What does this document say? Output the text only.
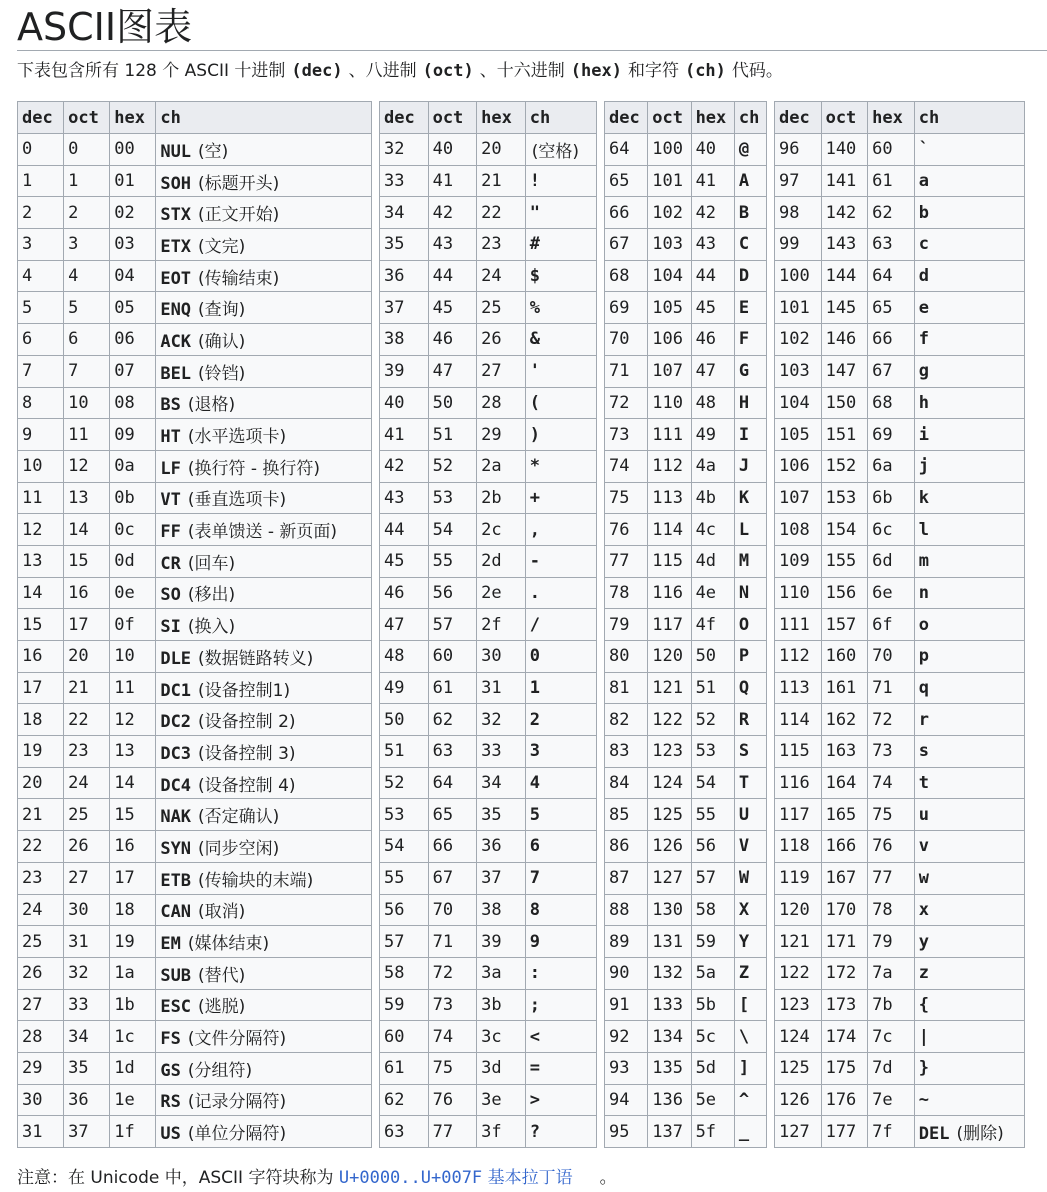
ASCII图表

下表包含所有 128 个 ASCII 十进制 (dec) 、八进制 (oct) 、十六进制 (hex) 和字符 (ch) 代码。

dec	oct	hex	ch
0	0	00	NUL (空)
1	1	01	SOH (标题开头)
2	2	02	STX (正文开始)
3	3	03	ETX (文完)
4	4	04	EOT (传输结束)
5	5	05	ENQ (查询)
6	6	06	ACK (确认)
7	7	07	BEL (铃铛)
8	10	08	BS (退格)
9	11	09	HT (水平选项卡)
10	12	0a	LF (换行符 - 换行符)
11	13	0b	VT (垂直选项卡)
12	14	0c	FF (表单馈送 - 新页面)
13	15	0d	CR (回车)
14	16	0e	SO (移出)
15	17	0f	SI (换入)
16	20	10	DLE (数据链路转义)
17	21	11	DC1 (设备控制1)
18	22	12	DC2 (设备控制 2)
19	23	13	DC3 (设备控制 3)
20	24	14	DC4 (设备控制 4)
21	25	15	NAK (否定确认)
22	26	16	SYN (同步空闲)
23	27	17	ETB (传输块的末端)
24	30	18	CAN (取消)
25	31	19	EM (媒体结束)
26	32	1a	SUB (替代)
27	33	1b	ESC (逃脱)
28	34	1c	FS (文件分隔符)
29	35	1d	GS (分组符)
30	36	1e	RS (记录分隔符)
31	37	1f	US (单位分隔符)
dec	oct	hex	ch
32	40	20	(空格)
33	41	21	!
34	42	22	"
35	43	23	#
36	44	24	$
37	45	25	%
38	46	26	&
39	47	27	'
40	50	28	(
41	51	29	)
42	52	2a	*
43	53	2b	+
44	54	2c	,
45	55	2d	-
46	56	2e	.
47	57	2f	/
48	60	30	0
49	61	31	1
50	62	32	2
51	63	33	3
52	64	34	4
53	65	35	5
54	66	36	6
55	67	37	7
56	70	38	8
57	71	39	9
58	72	3a	:
59	73	3b	;
60	74	3c	<
61	75	3d	=
62	76	3e	>
63	77	3f	?
dec	oct	hex	ch
64	100	40	@
65	101	41	A
66	102	42	B
67	103	43	C
68	104	44	D
69	105	45	E
70	106	46	F
71	107	47	G
72	110	48	H
73	111	49	I
74	112	4a	J
75	113	4b	K
76	114	4c	L
77	115	4d	M
78	116	4e	N
79	117	4f	O
80	120	50	P
81	121	51	Q
82	122	52	R
83	123	53	S
84	124	54	T
85	125	55	U
86	126	56	V
87	127	57	W
88	130	58	X
89	131	59	Y
90	132	5a	Z
91	133	5b	[
92	134	5c	\
93	135	5d	]
94	136	5e	^
95	137	5f	_
dec	oct	hex	ch
96	140	60	`
97	141	61	a
98	142	62	b
99	143	63	c
100	144	64	d
101	145	65	e
102	146	66	f
103	147	67	g
104	150	68	h
105	151	69	i
106	152	6a	j
107	153	6b	k
108	154	6c	l
109	155	6d	m
110	156	6e	n
111	157	6f	o
112	160	70	p
113	161	71	q
114	162	72	r
115	163	73	s
116	164	74	t
117	165	75	u
118	166	76	v
119	167	77	w
120	170	78	x
121	171	79	y
122	172	7a	z
123	173	7b	{
124	174	7c	|
125	175	7d	}
126	176	7e	~
127	177	7f	DEL (删除)

注意：在 Unicode 中，ASCII 字符块称为 U+0000..U+007F 基本拉丁语 。
